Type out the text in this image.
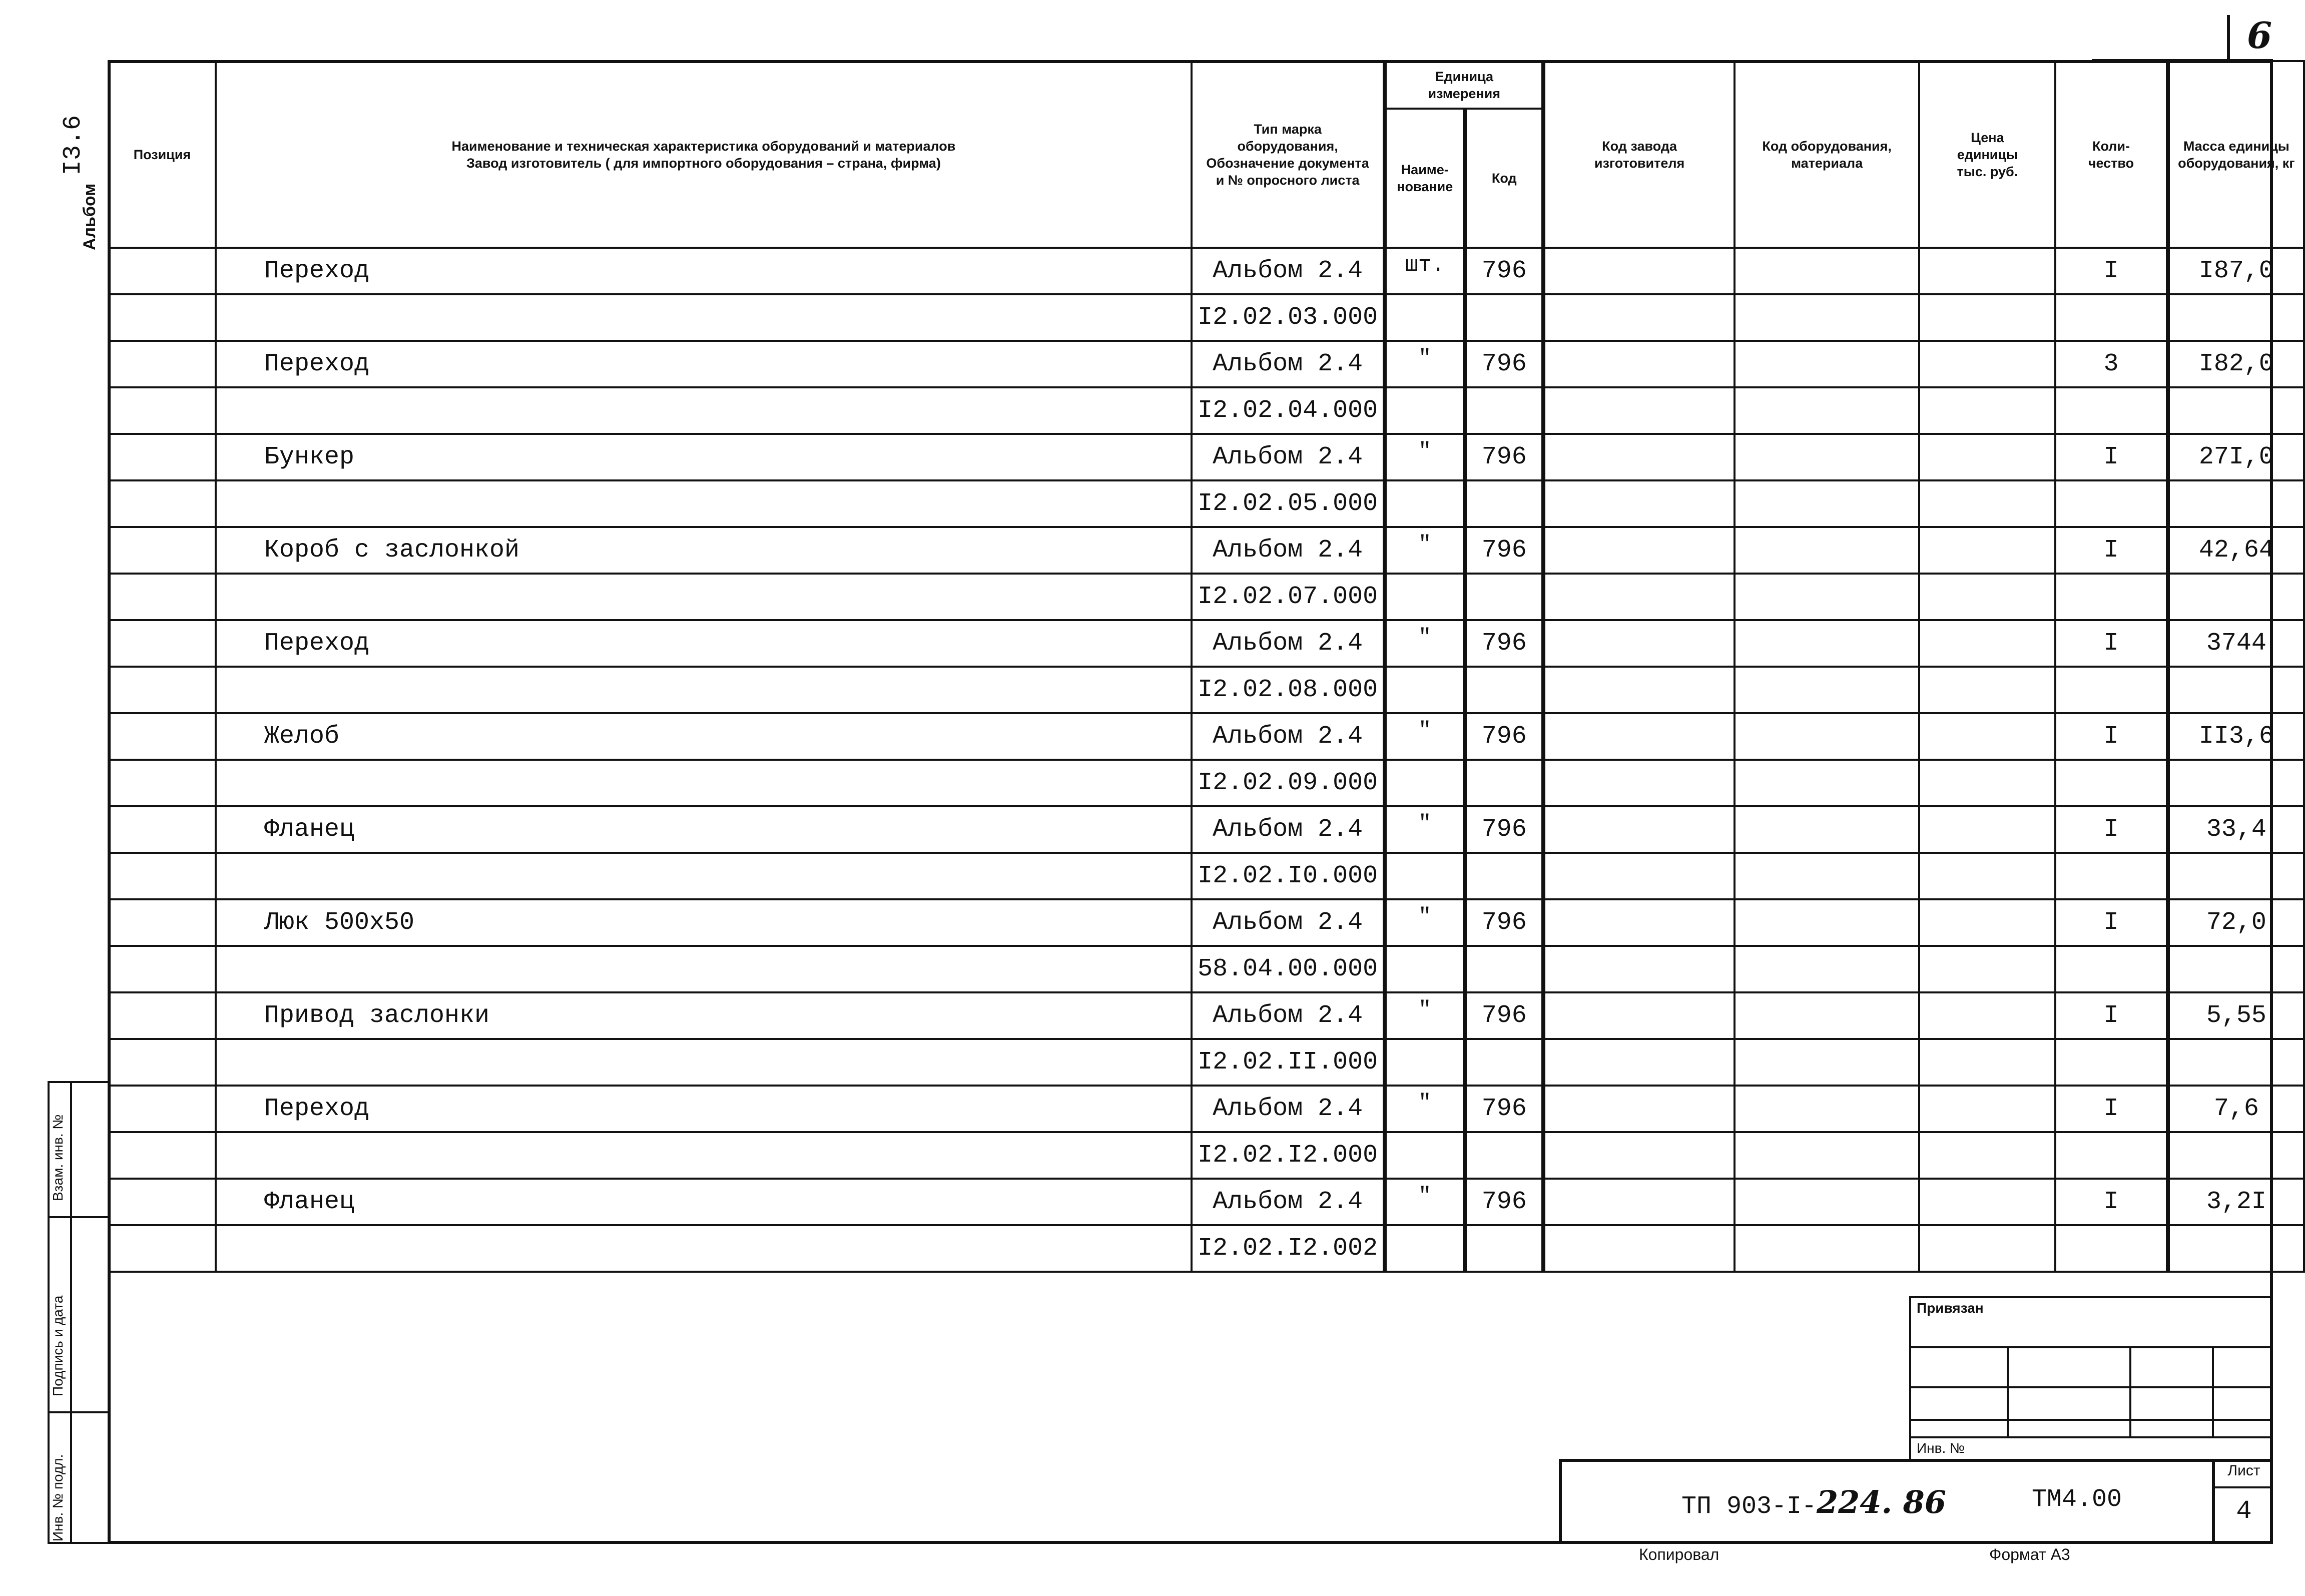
6
Альбом
I3.6
Инв. № подл.
Подпись и дата
Взам. инв. №
Позиция	Наименование и техническая характеристика оборудований и материалов
Завод изготовитель ( для импортного оборудования – страна, фирма)	Тип марка оборудования, Обозначение документа и № опросного листа	Единица измерения		Код завода изготовителя	Код оборудования, материала	Цена единицы тыс. руб.	Коли-чество	Масса единицы оборудования, кг
			Наиме-нование	Код					
	Переход	Альбом 2.4	шт.	796				I	I87,0
		I2.02.03.000							
	Переход	Альбом 2.4	"	796				3	I82,0
		I2.02.04.000							
	Бункер	Альбом 2.4	"	796				I	27I,0
		I2.02.05.000							
	Короб с заслонкой	Альбом 2.4	"	796				I	42,64
		I2.02.07.000							
	Переход	Альбом 2.4	"	796				I	3744
		I2.02.08.000							
	Желоб	Альбом 2.4	"	796				I	II3,6
		I2.02.09.000							
	Фланец	Альбом 2.4	"	796				I	33,4
		I2.02.I0.000							
	Люк 500х50	Альбом 2.4	"	796				I	72,0
		58.04.00.000							
	Привод заслонки	Альбом 2.4	"	796				I	5,55
		I2.02.II.000							
	Переход	Альбом 2.4	"	796				I	7,6
		I2.02.I2.000							
	Фланец	Альбом 2.4	"	796				I	3,2I
		I2.02.I2.002							
Привязан
Инв. №
ТП 903-I-224. 86	ТМ4.00
Лист
4
Копировал	Формат А3
